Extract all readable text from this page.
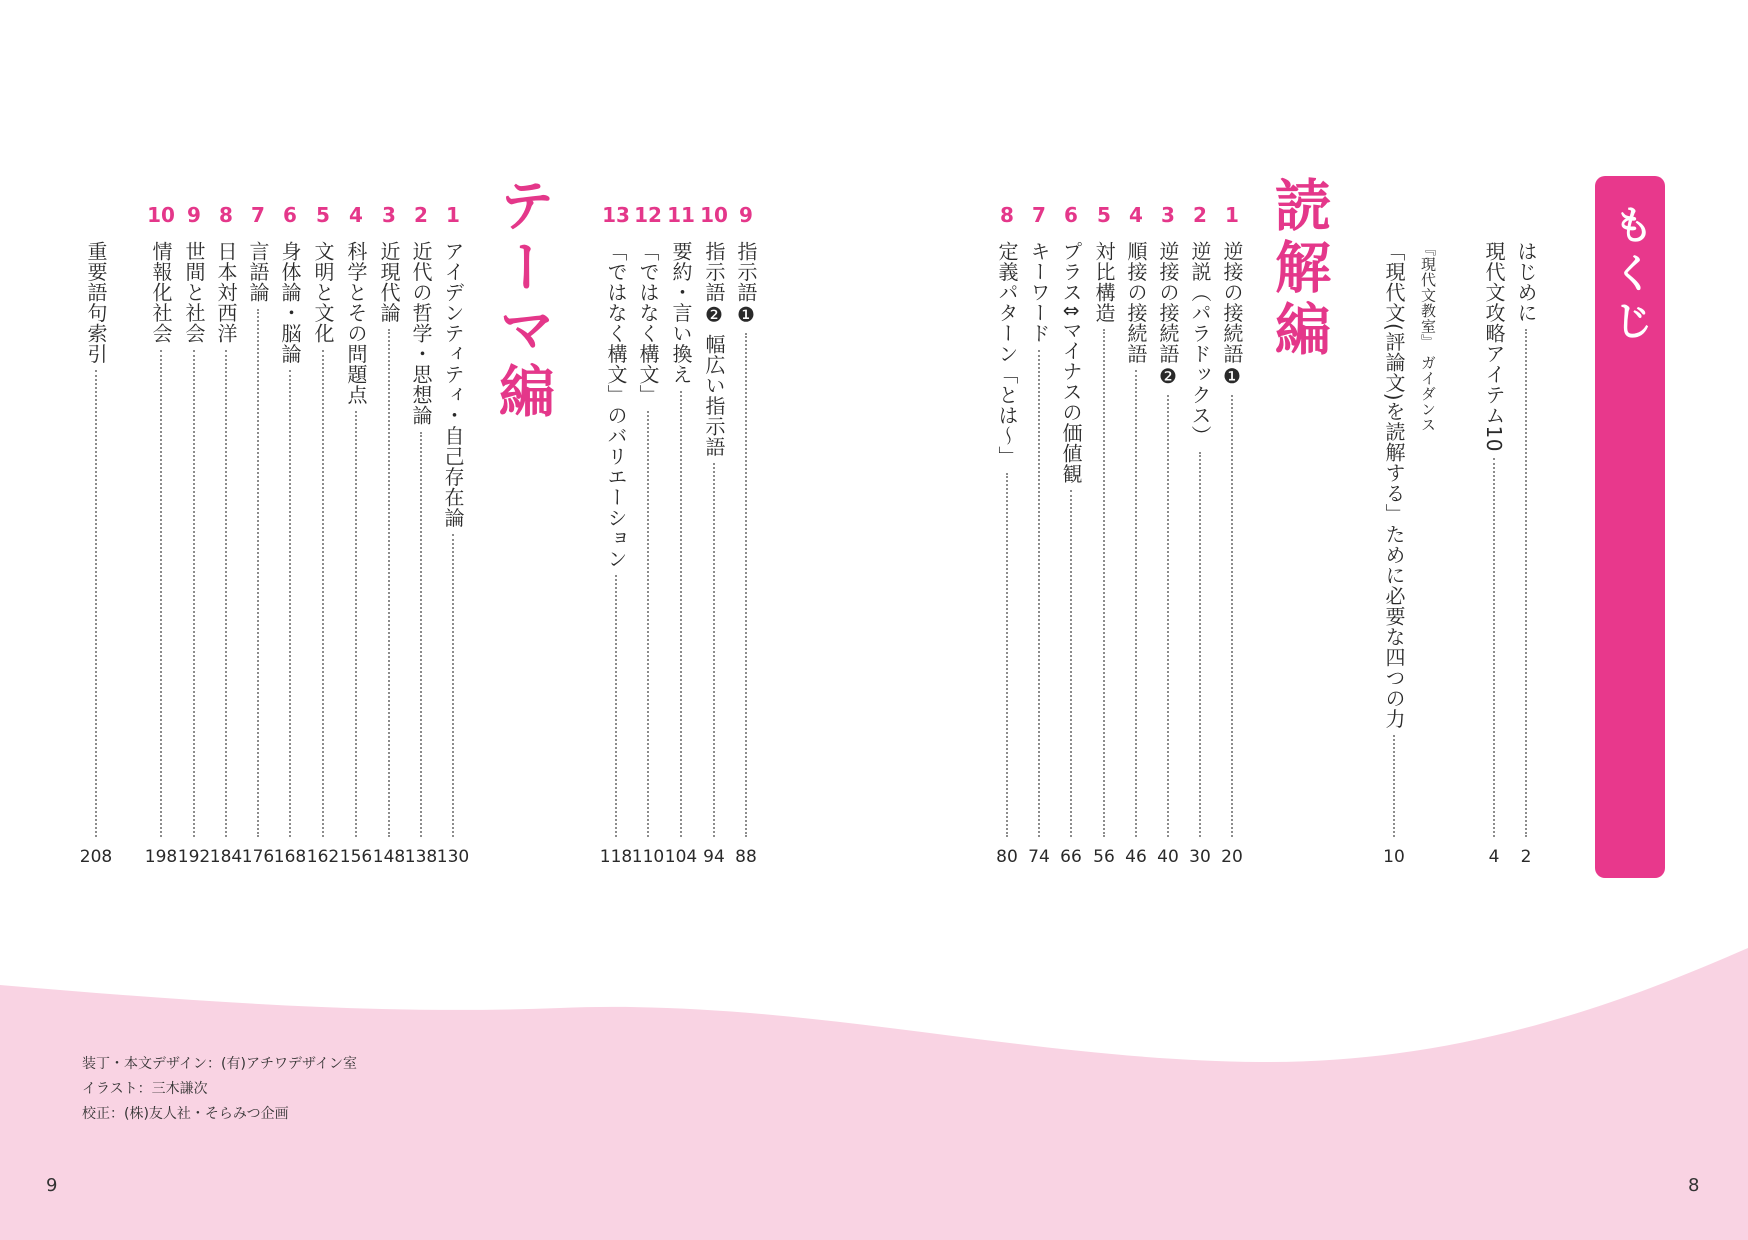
もくじ
読解編
テーマ編	はじめに
2
現代文攻略アイテム10
4
『現代文教室』 ガイダンス
「現代文(評論文)を読解する」ために必要な四つの力
10
1
逆接の接続語❶
20
2
逆説（パラドックス）
30
3
逆接の接続語❷
40
4
順接の接続語
46
5
対比構造
56
6
プラス⇕マイナスの価値観
66
7
キーワード
74
8
定義パターン「とは～」
80
9
指示語❶
88
10
指示語❷ 幅広い指示語
94
11
要約・言い換え
104
12
「ではなく構文」
110
13
「ではなく構文」のバリエーション
118
1
アイデンティティ・自己存在論
130
2
近代の哲学・思想論
138
3
近現代論
148
4
科学とその問題点
156
5
文明と文化
162
6
身体論・脳論
168
7
言語論
176
8
日本対西洋
184
9
世間と社会
192
10
情報化社会
198
重要語句索引
208
装丁・本文デザイン：(有)アチワデザイン室
イラスト：三木謙次
校正：(株)友人社・そらみつ企画
9	8
